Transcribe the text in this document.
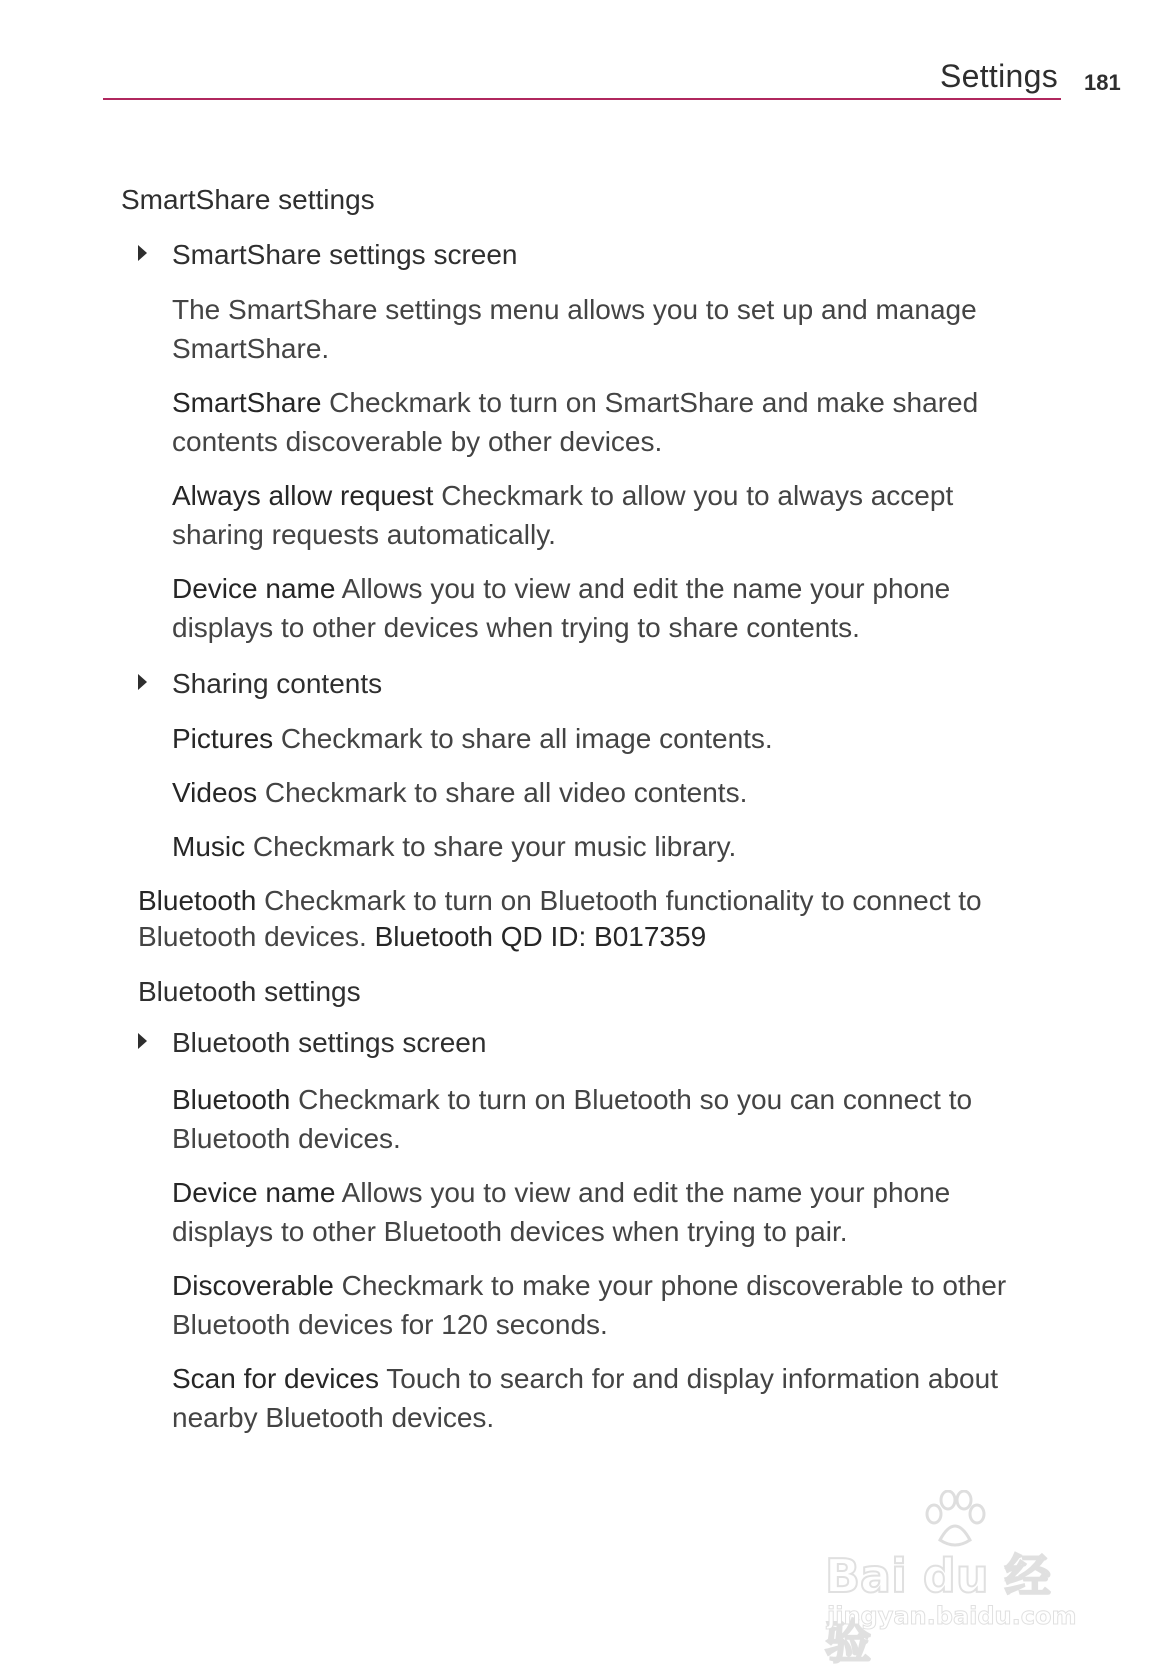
Settings 181
SmartShare settings
SmartShare settings screen
The SmartShare settings menu allows you to set up and manage
SmartShare.
SmartShare Checkmark to turn on SmartShare and make shared
contents discoverable by other devices.
Always allow request Checkmark to allow you to always accept
sharing requests automatically.
Device name Allows you to view and edit the name your phone
displays to other devices when trying to share contents.
Sharing contents
Pictures Checkmark to share all image contents.
Videos Checkmark to share all video contents.
Music Checkmark to share your music library.
Bluetooth Checkmark to turn on Bluetooth functionality to connect to
Bluetooth devices. Bluetooth QD ID: B017359
Bluetooth settings
Bluetooth settings screen
Bluetooth Checkmark to turn on Bluetooth so you can connect to
Bluetooth devices.
Device name Allows you to view and edit the name your phone
displays to other Bluetooth devices when trying to pair.
Discoverable Checkmark to make your phone discoverable to other
Bluetooth devices for 120 seconds.
Scan for devices Touch to search for and display information about
nearby Bluetooth devices.
Bai du 经验
jingyan.baidu.com
